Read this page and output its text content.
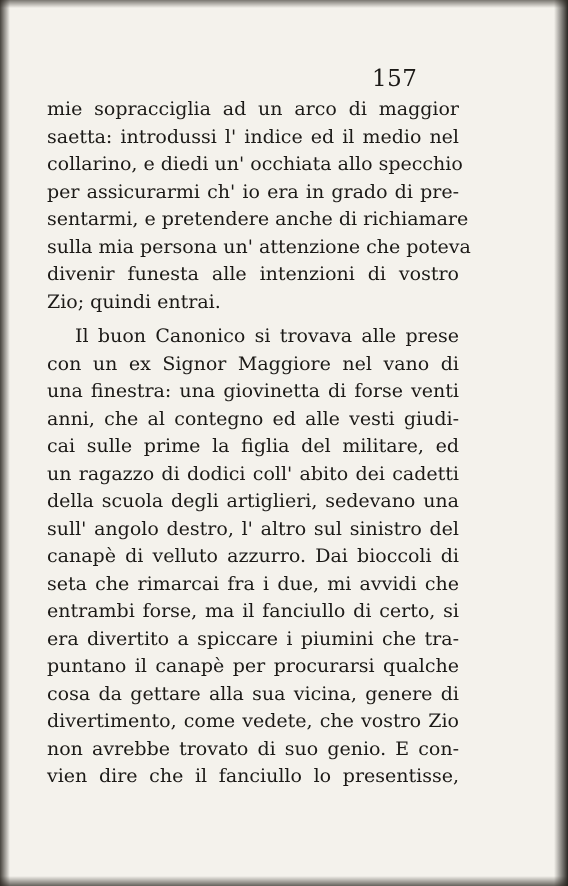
157
mie sopracciglia ad un arco di maggior
saetta: introdussi l' indice ed il medio nel
collarino, e diedi un' occhiata allo specchio
per assicurarmi ch' io era in grado di pre-
sentarmi, e pretendere anche di richiamare
sulla mia persona un' attenzione che poteva
divenir funesta alle intenzioni di vostro
Zio; quindi entrai.
Il buon Canonico si trovava alle prese
con un ex Signor Maggiore nel vano di
una finestra: una giovinetta di forse venti
anni, che al contegno ed alle vesti giudi-
cai sulle prime la figlia del militare, ed
un ragazzo di dodici coll' abito dei cadetti
della scuola degli artiglieri, sedevano una
sull' angolo destro, l' altro sul sinistro del
canapè di velluto azzurro. Dai bioccoli di
seta che rimarcai fra i due, mi avvidi che
entrambi forse, ma il fanciullo di certo, si
era divertito a spiccare i piumini che tra-
puntano il canapè per procurarsi qualche
cosa da gettare alla sua vicina, genere di
divertimento, come vedete, che vostro Zio
non avrebbe trovato di suo genio. E con-
vien dire che il fanciullo lo presentisse,
